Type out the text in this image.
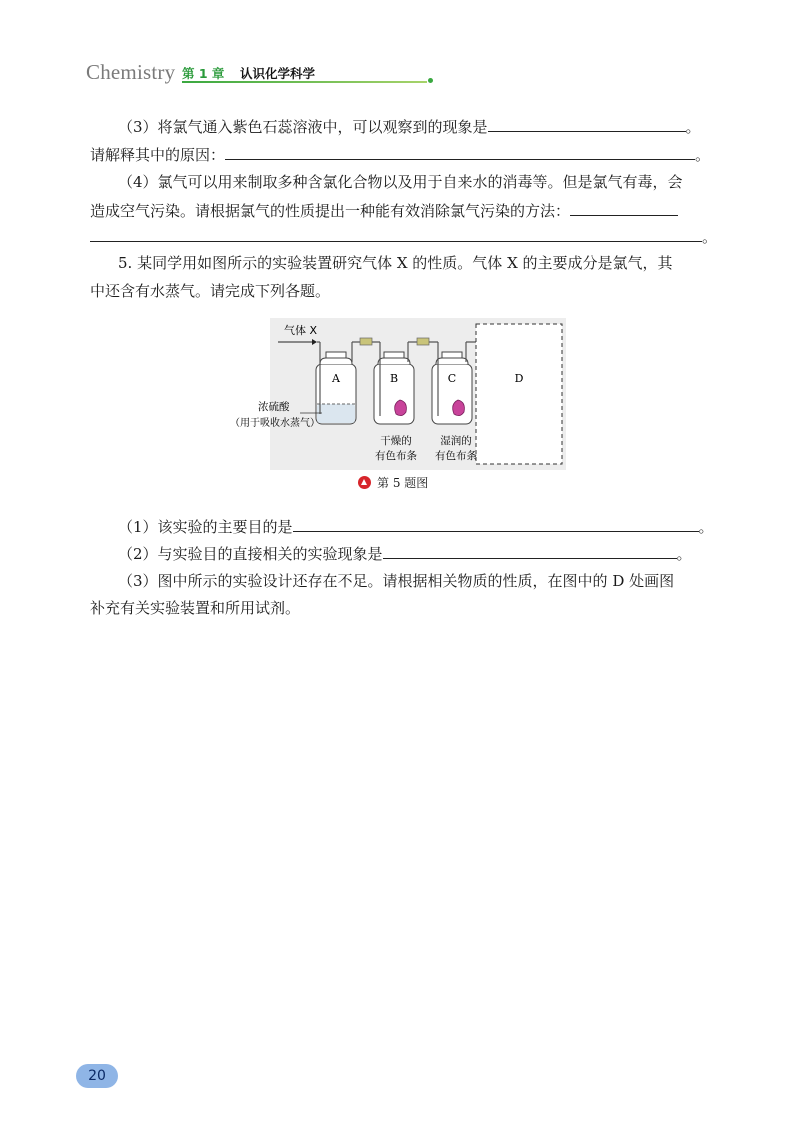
Chemistry 第 1 章 认识化学科学
（3）将氯气通入紫色石蕊溶液中，可以观察到的现象是	。
请解释其中的原因：	。
（4）氯气可以用来制取多种含氯化合物以及用于自来水的消毒等。但是氯气有毒，会
造成空气污染。请根据氯气的性质提出一种能有效消除氯气污染的方法：
。
5. 某同学用如图所示的实验装置研究气体 X 的性质。气体 X 的主要成分是氯气，其
中还含有水蒸气。请完成下列各题。
气体 X
A	B	C	D
浓硫酸
（用于吸收水蒸气）
干燥的
有色布条
湿润的
有色布条
第 5 题图
（1）该实验的主要目的是	。
（2）与实验目的直接相关的实验现象是	。
（3）图中所示的实验设计还存在不足。请根据相关物质的性质，在图中的 D 处画图
补充有关实验装置和所用试剂。
20
